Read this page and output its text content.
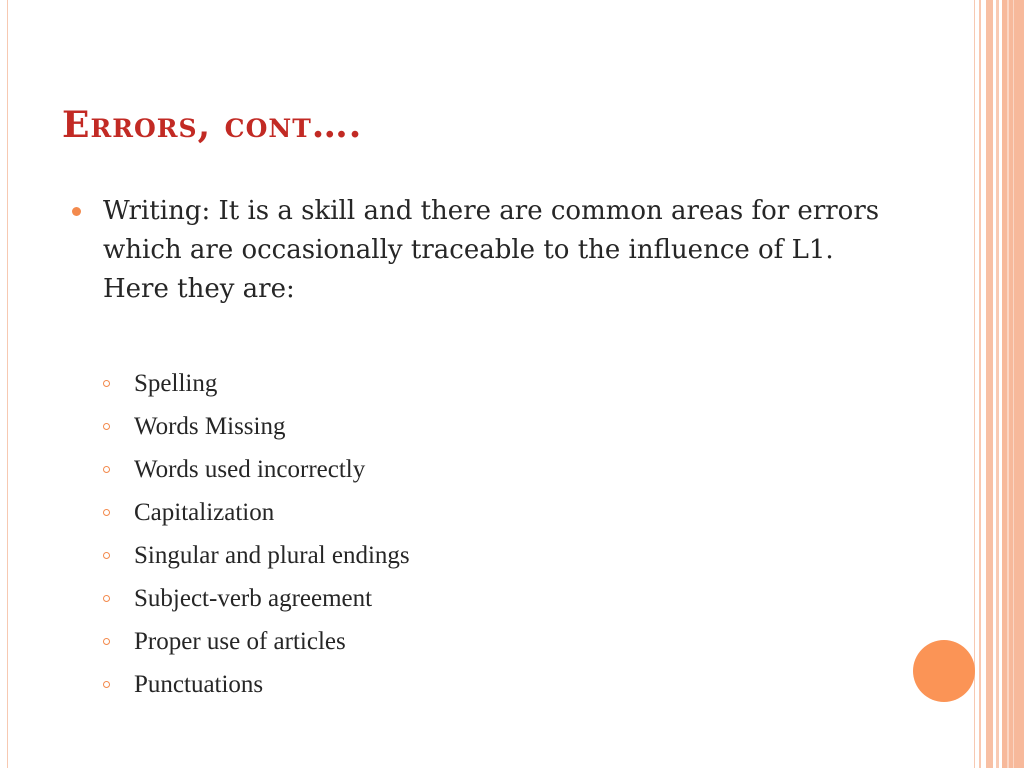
Errors, cont….
Writing: It is a skill and there are common areas for errors which are occasionally traceable to the influence of L1. Here they are:
Spelling
Words Missing
Words used incorrectly
Capitalization
Singular and plural endings
Subject-verb agreement
Proper use of articles
Punctuations
